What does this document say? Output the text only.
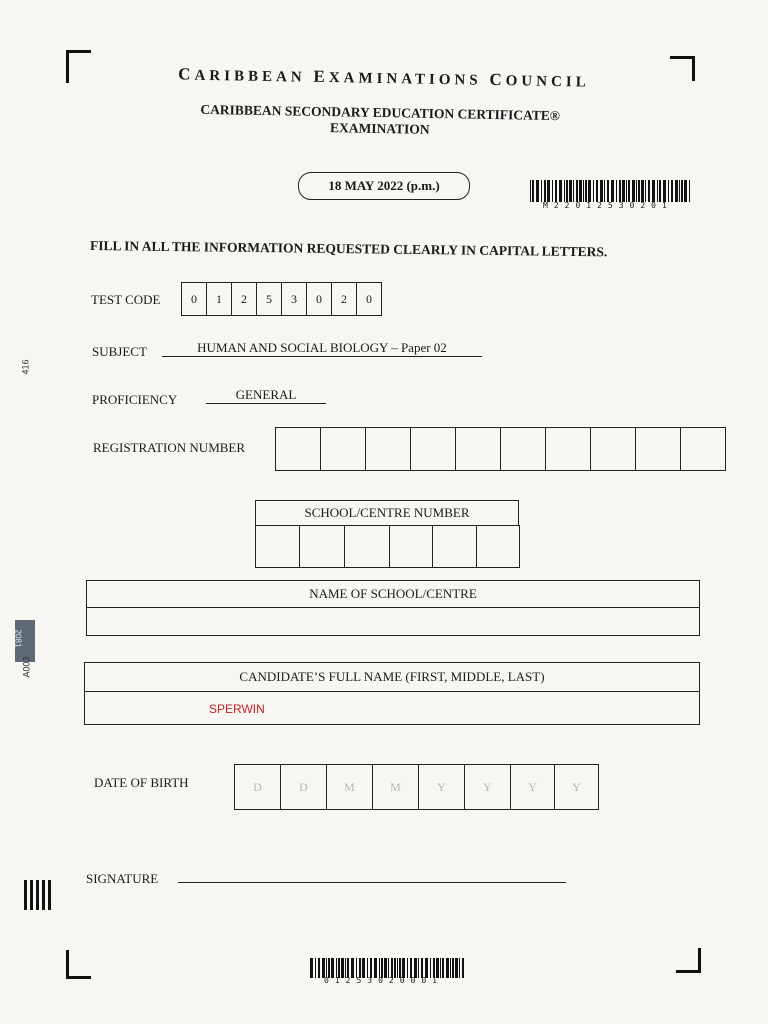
CARIBBEAN EXAMINATIONS COUNCIL
CARIBBEAN SECONDARY EDUCATION CERTIFICATE®
EXAMINATION
18 MAY 2022 (p.m.)
M22012530201
FILL IN ALL THE INFORMATION REQUESTED CLEARLY IN CAPITAL LETTERS.
TEST CODE	0	1	2	5	3	0	2	0
SUBJECT	HUMAN AND SOCIAL BIOLOGY – Paper 02
PROFICIENCY	GENERAL
REGISTRATION NUMBER
SCHOOL/CENTRE NUMBER
NAME OF SCHOOL/CENTRE
CANDIDATE’S FULL NAME (FIRST, MIDDLE, LAST)
SPERWIN
DATE OF BIRTH	D	D	M	M	Y	Y	Y	Y
SIGNATURE
01253020001
416
2081
A003
